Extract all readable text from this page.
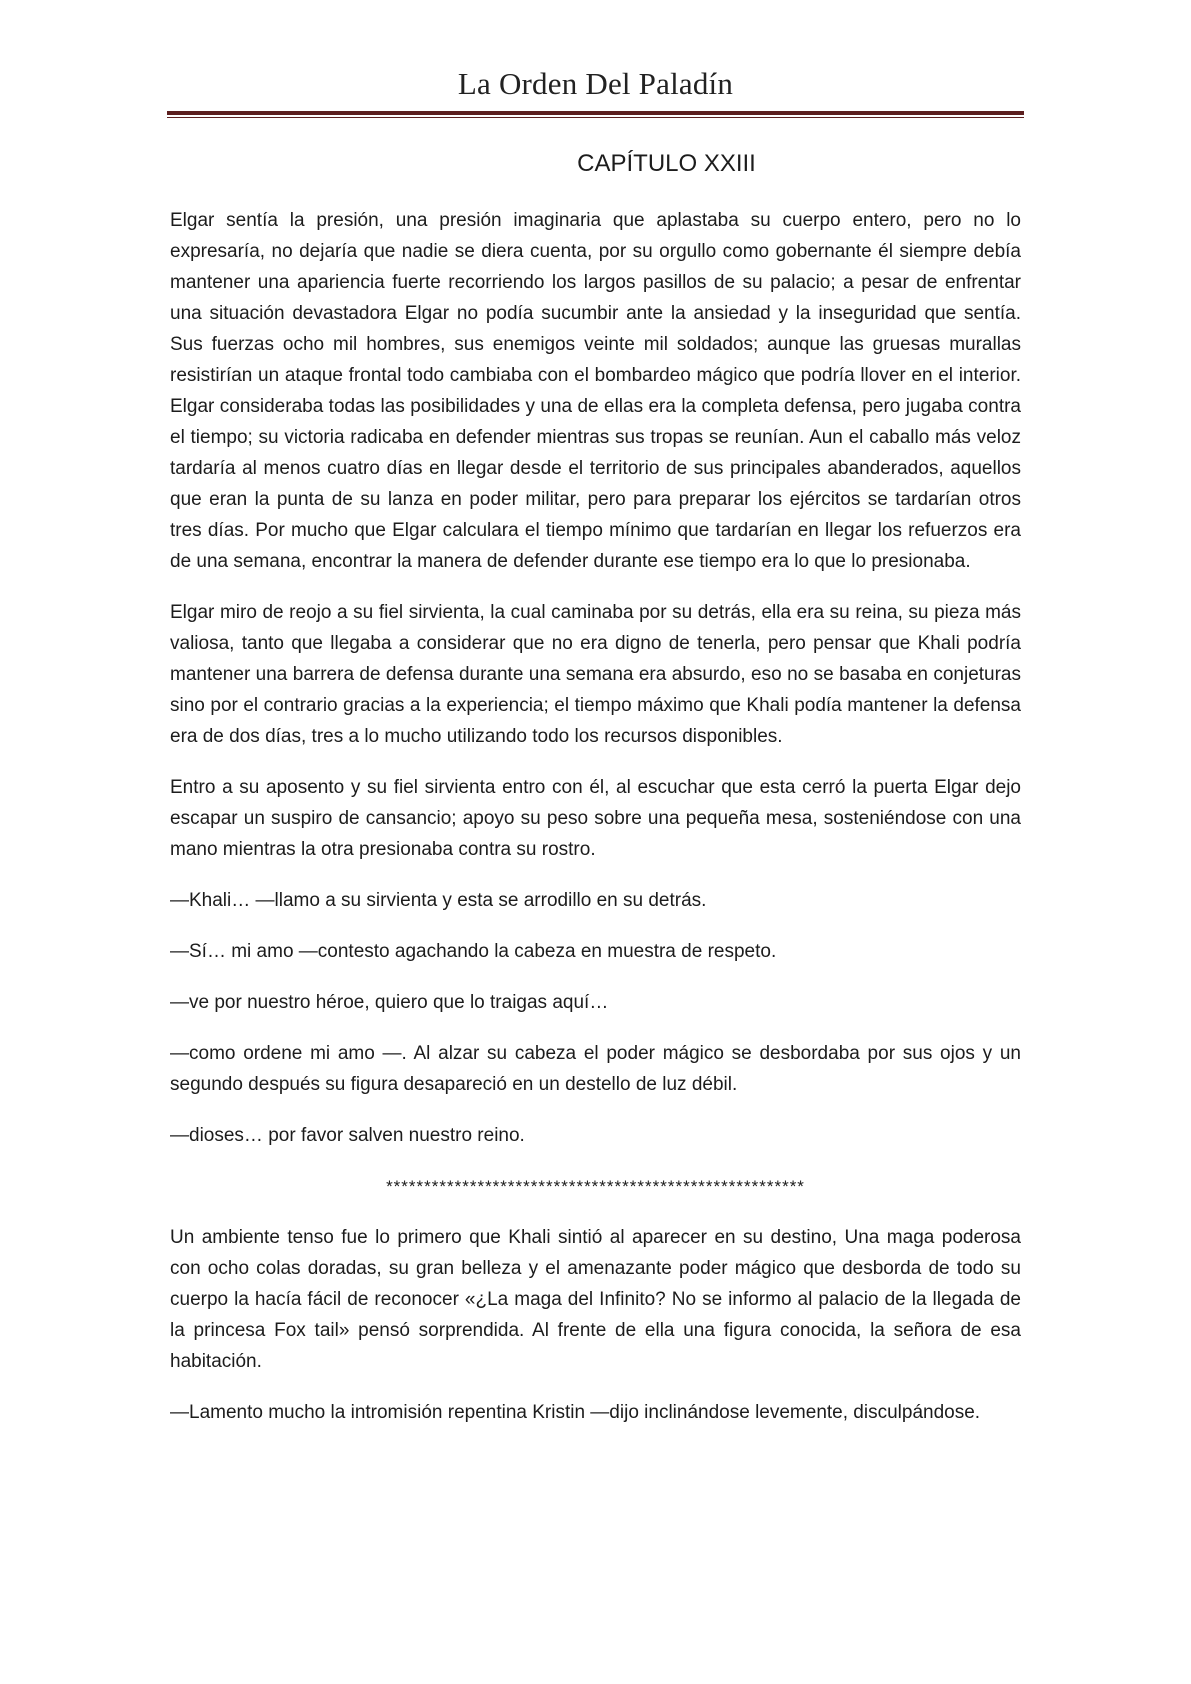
La Orden Del Paladín
CAPÍTULO XXIII

Elgar sentía la presión, una presión imaginaria que aplastaba su cuerpo entero, pero no lo expresaría, no dejaría que nadie se diera cuenta, por su orgullo como gobernante él siempre debía mantener una apariencia fuerte recorriendo los largos pasillos de su palacio; a pesar de enfrentar una situación devastadora Elgar no podía sucumbir ante la ansiedad y la inseguridad que sentía. Sus fuerzas ocho mil hombres, sus enemigos veinte mil soldados; aunque las gruesas murallas resistirían un ataque frontal todo cambiaba con el bombardeo mágico que podría llover en el interior. Elgar consideraba todas las posibilidades y una de ellas era la completa defensa, pero jugaba contra el tiempo; su victoria radicaba en defender mientras sus tropas se reunían. Aun el caballo más veloz tardaría al menos cuatro días en llegar desde el territorio de sus principales abanderados, aquellos que eran la punta de su lanza en poder militar, pero para preparar los ejércitos se tardarían otros tres días. Por mucho que Elgar calculara el tiempo mínimo que tardarían en llegar los refuerzos era de una semana, encontrar la manera de defender durante ese tiempo era lo que lo presionaba.

Elgar miro de reojo a su fiel sirvienta, la cual caminaba por su detrás, ella era su reina, su pieza más valiosa, tanto que llegaba a considerar que no era digno de tenerla, pero pensar que Khali podría mantener una barrera de defensa durante una semana era absurdo, eso no se basaba en conjeturas sino por el contrario gracias a la experiencia; el tiempo máximo que Khali podía mantener la defensa era de dos días, tres a lo mucho utilizando todo los recursos disponibles.

Entro a su aposento y su fiel sirvienta entro con él, al escuchar que esta cerró la puerta Elgar dejo escapar un suspiro de cansancio; apoyo su peso sobre una pequeña mesa, sosteniéndose con una mano mientras la otra presionaba contra su rostro.

—Khali… —llamo a su sirvienta y esta se arrodillo en su detrás.

—Sí… mi amo —contesto agachando la cabeza en muestra de respeto.

—ve por nuestro héroe, quiero que lo traigas aquí…

—como ordene mi amo —. Al alzar su cabeza el poder mágico se desbordaba por sus ojos y un segundo después su figura desapareció en un destello de luz débil.

—dioses… por favor salven nuestro reino.

*******************************************************

Un ambiente tenso fue lo primero que Khali sintió al aparecer en su destino, Una maga poderosa con ocho colas doradas, su gran belleza y el amenazante poder mágico que desborda de todo su cuerpo la hacía fácil de reconocer «¿La maga del Infinito? No se informo al palacio de la llegada de la princesa Fox tail» pensó sorprendida. Al frente de ella una figura conocida, la señora de esa habitación.

—Lamento mucho la intromisión repentina Kristin —dijo inclinándose levemente, disculpándose.
